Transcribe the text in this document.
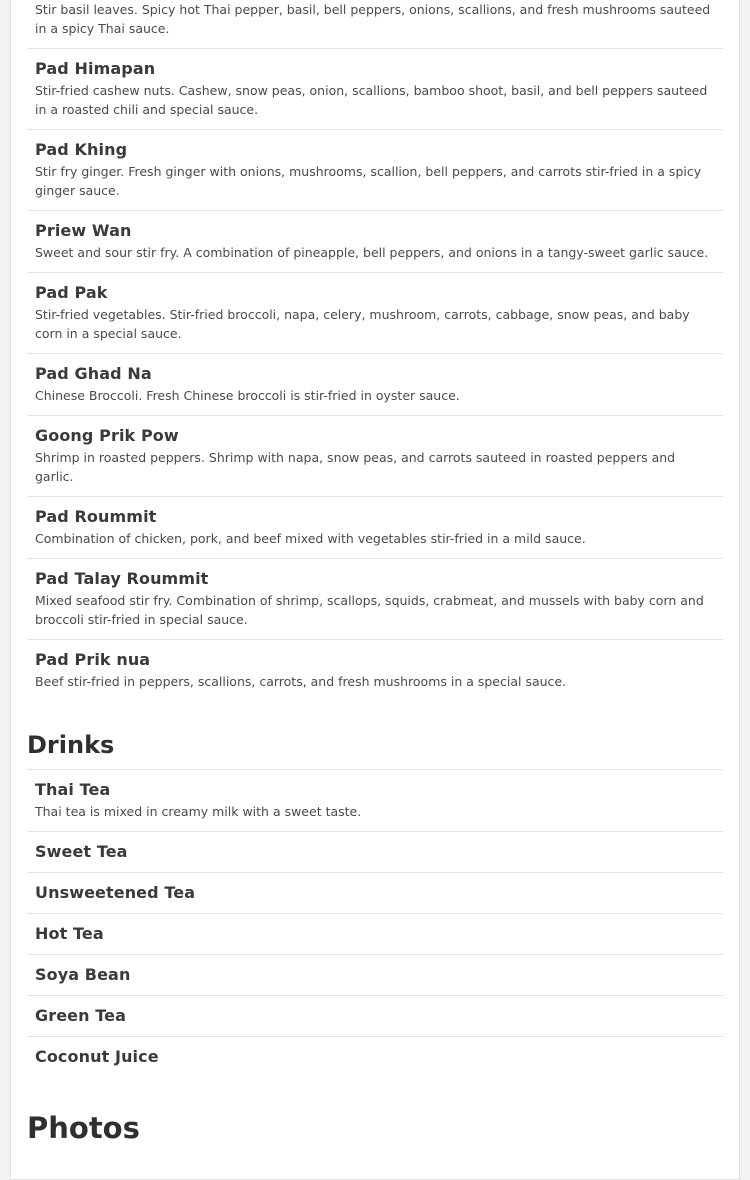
Stir basil leaves. Spicy hot Thai pepper, basil, bell peppers, onions, scallions, and fresh mushrooms sauteed in a spicy Thai sauce.
Pad Himapan
Stir-fried cashew nuts. Cashew, snow peas, onion, scallions, bamboo shoot, basil, and bell peppers sauteed in a roasted chili and special sauce.
Pad Khing
Stir fry ginger. Fresh ginger with onions, mushrooms, scallion, bell peppers, and carrots stir-fried in a spicy ginger sauce.
Priew Wan
Sweet and sour stir fry. A combination of pineapple, bell peppers, and onions in a tangy-sweet garlic sauce.
Pad Pak
Stir-fried vegetables. Stir-fried broccoli, napa, celery, mushroom, carrots, cabbage, snow peas, and baby corn in a special sauce.
Pad Ghad Na
Chinese Broccoli. Fresh Chinese broccoli is stir-fried in oyster sauce.
Goong Prik Pow
Shrimp in roasted peppers. Shrimp with napa, snow peas, and carrots sauteed in roasted peppers and garlic.
Pad Roummit
Combination of chicken, pork, and beef mixed with vegetables stir-fried in a mild sauce.
Pad Talay Roummit
Mixed seafood stir fry. Combination of shrimp, scallops, squids, crabmeat, and mussels with baby corn and broccoli stir-fried in special sauce.
Pad Prik nua
Beef stir-fried in peppers, scallions, carrots, and fresh mushrooms in a special sauce.
Drinks
Thai Tea
Thai tea is mixed in creamy milk with a sweet taste.
Sweet Tea
Unsweetened Tea
Hot Tea
Soya Bean
Green Tea
Coconut Juice
Photos
